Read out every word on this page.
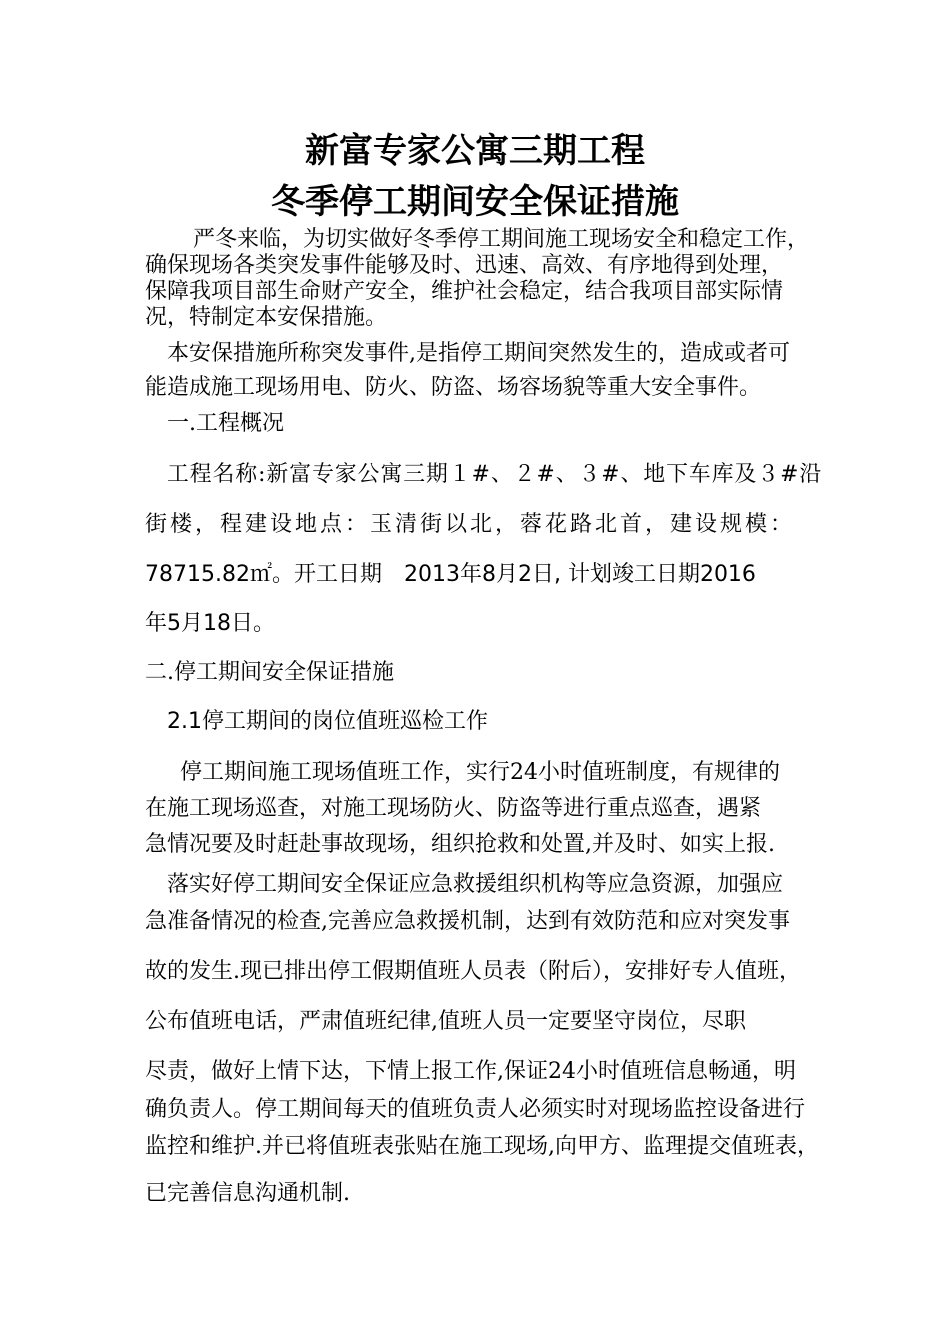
新富专家公寓三期工程
冬季停工期间安全保证措施
严冬来临，为切实做好冬季停工期间施工现场安全和稳定工作，
确保现场各类突发事件能够及时、迅速、高效、有序地得到处理，
保障我项目部生命财产安全，维护社会稳定，结合我项目部实际情
况，特制定本安保措施。
本安保措施所称突发事件,是指停工期间突然发生的，造成或者可
能造成施工现场用电、防火、防盗、场容场貌等重大安全事件。
一.工程概况
工程名称:新富专家公寓三期１#、２#、３#、地下车库及３#沿
街楼，程建设地点：玉清街以北，蓉花路北首，建设规模：
78715.82㎡。开工日期　2013年8月2日, 计划竣工日期2016
年5月18日。
二.停工期间安全保证措施
2.1停工期间的岗位值班巡检工作
停工期间施工现场值班工作，实行24小时值班制度，有规律的
在施工现场巡查，对施工现场防火、防盗等进行重点巡查，遇紧
急情况要及时赶赴事故现场，组织抢救和处置,并及时、如实上报.
落实好停工期间安全保证应急救援组织机构等应急资源，加强应
急准备情况的检查,完善应急救援机制，达到有效防范和应对突发事
故的发生.现已排出停工假期值班人员表（附后），安排好专人值班，
公布值班电话，严肃值班纪律,值班人员一定要坚守岗位，尽职
尽责，做好上情下达，下情上报工作,保证24小时值班信息畅通，明
确负责人。停工期间每天的值班负责人必须实时对现场监控设备进行
监控和维护.并已将值班表张贴在施工现场,向甲方、监理提交值班表，
已完善信息沟通机制.
